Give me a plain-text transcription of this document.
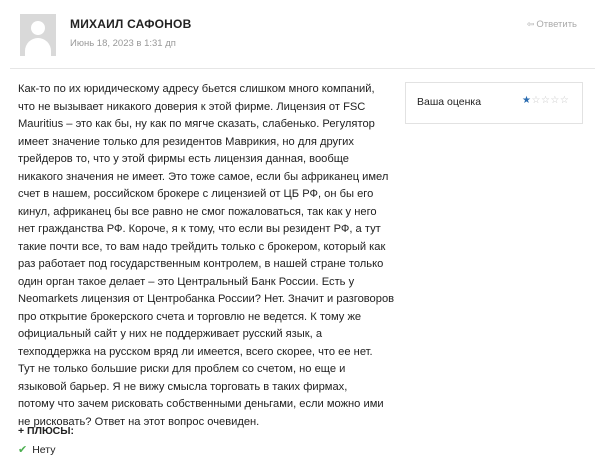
МИХАИЛ САФОНОВ
Июнь 18, 2023 в 1:31 дп
⇦ Ответить
Как-то по их юридическому адресу бьется слишком много компаний,
что не вызывает никакого доверия к этой фирме. Лицензия от FSC
Mauritius – это как бы, ну как по мягче сказать, слабенько. Регулятор
имеет значение только для резидентов Маврикия, но для других
трейдеров то, что у этой фирмы есть лицензия данная, вообще
никакого значения не имеет. Это тоже самое, если бы африканец имел
счет в нашем, российском брокере с лицензией от ЦБ РФ, он бы его
кинул, африканец бы все равно не смог пожаловаться, так как у него
нет гражданства РФ. Короче, я к тому, что если вы резидент РФ, а тут
такие почти все, то вам надо трейдить только с брокером, который как
раз работает под государственным контролем, в нашей стране только
один орган такое делает – это Центральный Банк России. Есть у
Neomarkets лицензия от Центробанка России? Нет. Значит и разговоров
про открытие брокерского счета и торговлю не ведется. К тому же
официальный сайт у них не поддерживает русский язык, а
техподдержка на русском вряд ли имеется, всего скорее, что ее нет.
Тут не только большие риски для проблем со счетом, но еще и
языковой барьер. Я не вижу смысла торговать в таких фирмах,
потому что зачем рисковать собственными деньгами, если можно ими
не рисковать? Ответ на этот вопрос очевиден.
Ваша оценка	★☆☆☆☆
+ ПЛЮСЫ:
✔ Нету
